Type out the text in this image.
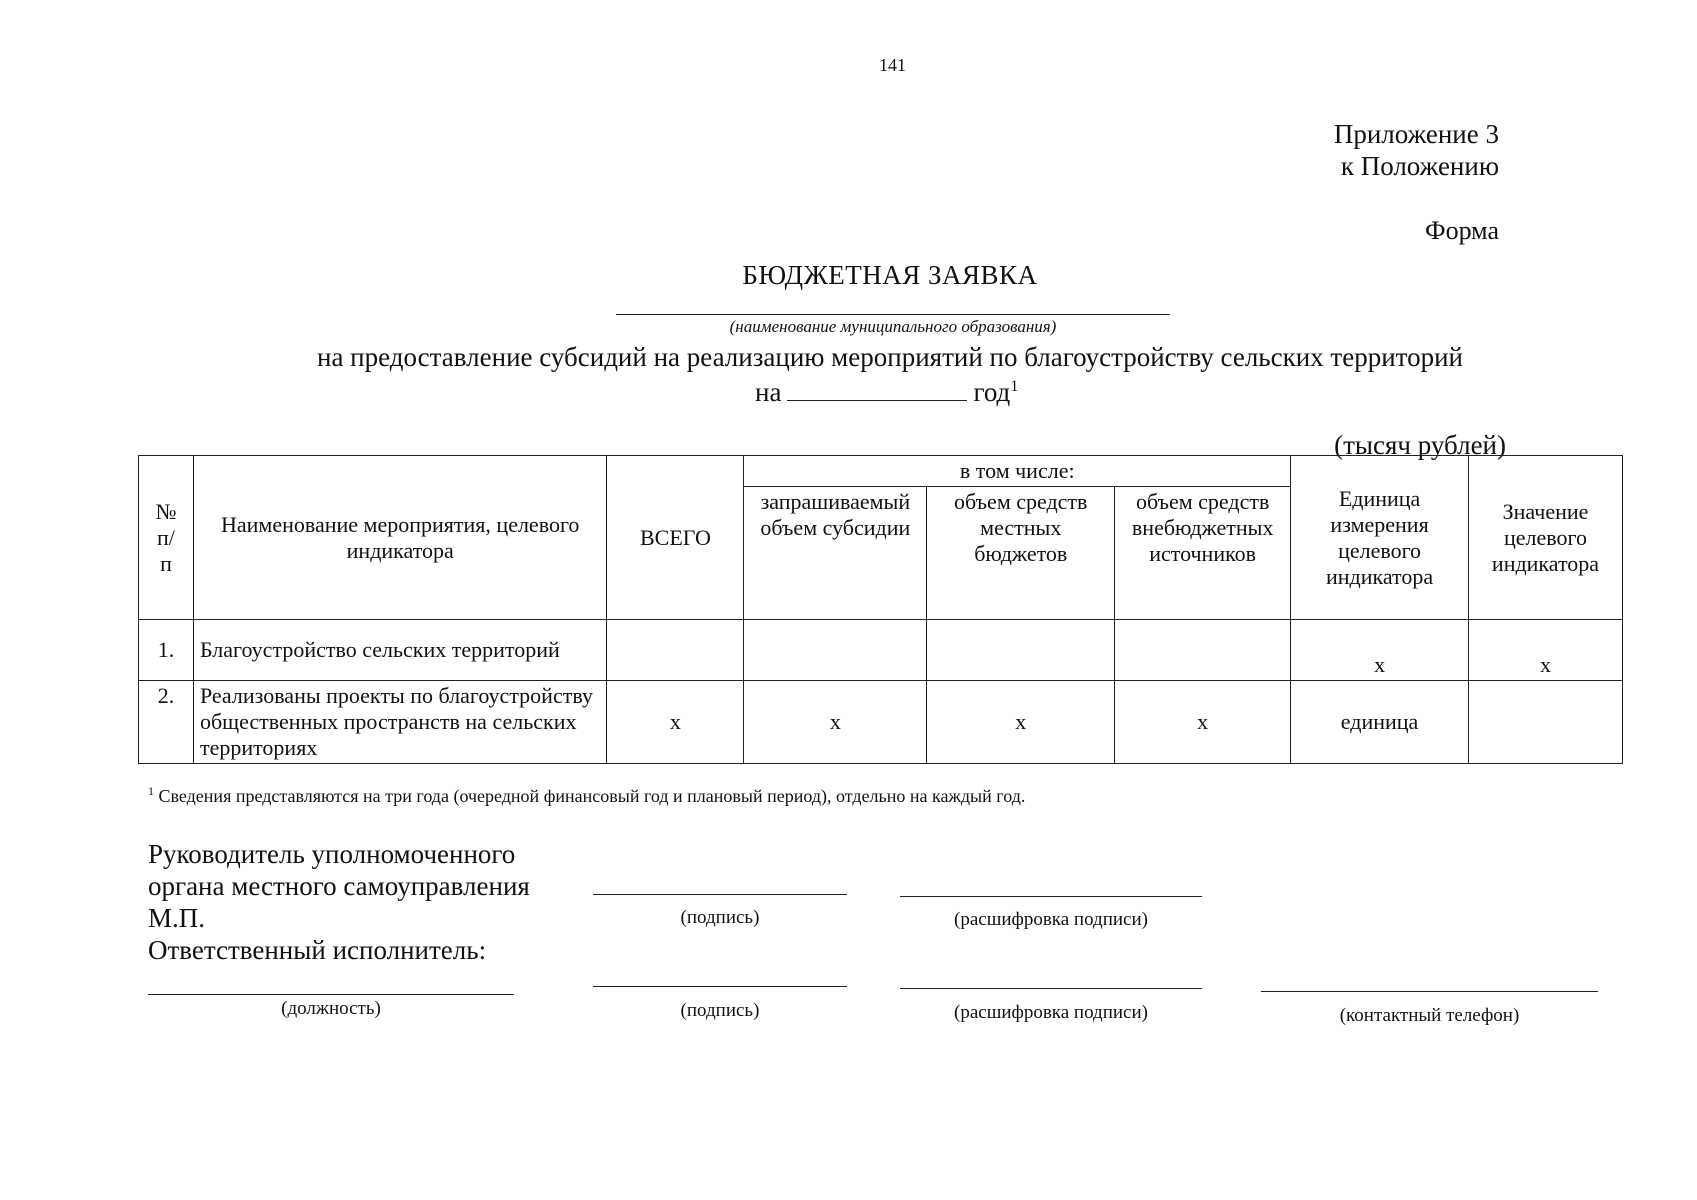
141
Приложение 3
к Положению
Форма
БЮДЖЕТНАЯ ЗАЯВКА
(наименование муниципального образования)
на предоставление субсидий на реализацию мероприятий по благоустройству сельских территорий
на	год$^1$
(тысяч рублей)
№
п/
п	Наименование мероприятия, целевого индикатора	ВСЕГО	в том числе:			Единица измерения целевого индикатора	Значение целевого индикатора
			запрашиваемый объем субсидии	объем средств местных бюджетов	объем средств внебюджетных источников		
1.	Благоустройство сельских территорий					х	х
2.	Реализованы проекты по благоустройству общественных пространств на сельских территориях	х	х	х	х	единица	
$^1$ Сведения представляются на три года (очередной финансовый год и плановый период), отдельно на каждый год.
Руководитель уполномоченного
органа местного самоуправления
М.П.
Ответственный исполнитель:
(подпись)	(расшифровка подписи)
(должность)	(подпись)	(расшифровка подписи)	(контактный телефон)
